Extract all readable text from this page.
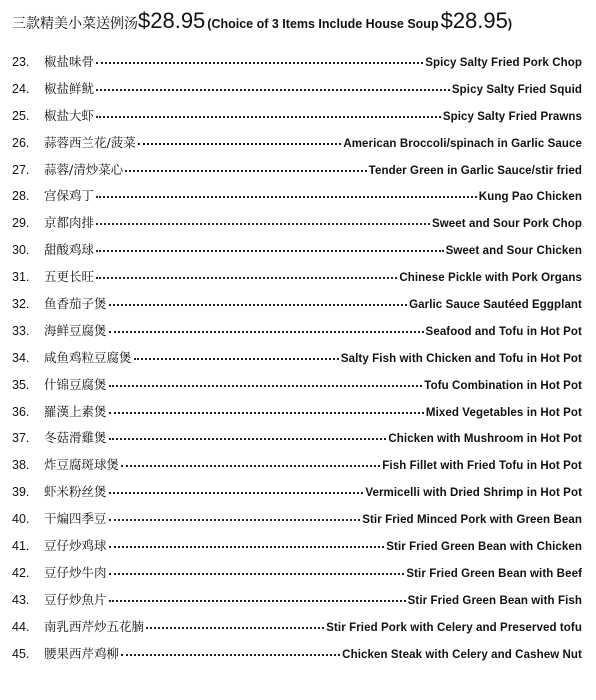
三款精美小菜送例汤 $28.95 (Choice of 3 Items Include House Soup $28.95 )
23.	椒盐味骨	Spicy Salty Fried Pork Chop
24.	椒盐鲜鱿	Spicy Salty Fried Squid
25.	椒盐大虾	Spicy Salty Fried Prawns
26.	蒜蓉西兰花/菠菜	American Broccoli/spinach in Garlic Sauce
27.	蒜蓉/清炒菜心	Tender Green in Garlic Sauce/stir fried
28.	宫保鸡丁	Kung Pao Chicken
29.	京都肉排	Sweet and Sour Pork Chop
30.	甜酸鸡球	Sweet and Sour Chicken
31.	五更长旺	Chinese Pickle with Pork Organs
32.	鱼香茄子煲	Garlic Sauce Sautéed Eggplant
33.	海鲜豆腐煲	Seafood and Tofu in Hot Pot
34.	咸鱼鸡粒豆腐煲	Salty Fish with Chicken and Tofu in Hot Pot
35.	什锦豆腐煲	Tofu Combination in Hot Pot
36.	羅漢上素煲	Mixed Vegetables in Hot Pot
37.	冬菇滑雞煲	Chicken with Mushroom in Hot Pot
38.	炸豆腐斑球煲	Fish Fillet with Fried Tofu in Hot Pot
39.	虾米粉丝煲	Vermicelli with Dried Shrimp in Hot Pot
40.	干煸四季豆	Stir Fried Minced Pork with Green Bean
41.	豆仔炒鸡球	Stir Fried Green Bean with Chicken
42.	豆仔炒牛肉	Stir Fried Green Bean with Beef
43.	豆仔炒魚片	Stir Fried Green Bean with Fish
44.	南乳西芹炒五花腩	Stir Fried Pork with Celery and Preserved tofu
45.	腰果西芹鸡柳	Chicken Steak with Celery and Cashew Nut
